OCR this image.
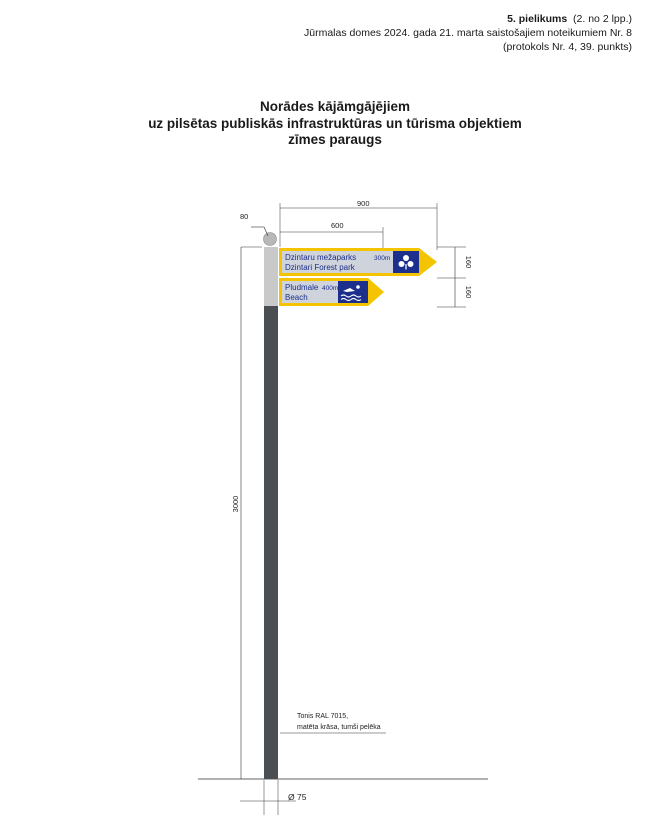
5. pielikums (2. no 2 lpp.)
Jūrmalas domes 2024. gada 21. marta saistošajiem noteikumiem Nr. 8
(protokols Nr. 4, 39. punkts)
Norādes kājāmgājējiem
uz pilsētas publiskās infrastruktūras un tūrisma objektiem
zīmes paraugs
80
900
600
160
160
3000
Ø 75
Tonis RAL 7015,
matēta krāsa, tumši pelēka
Dzintaru mežaparks
Dzintari Forest park
300m
Pludmale
Beach
400m
